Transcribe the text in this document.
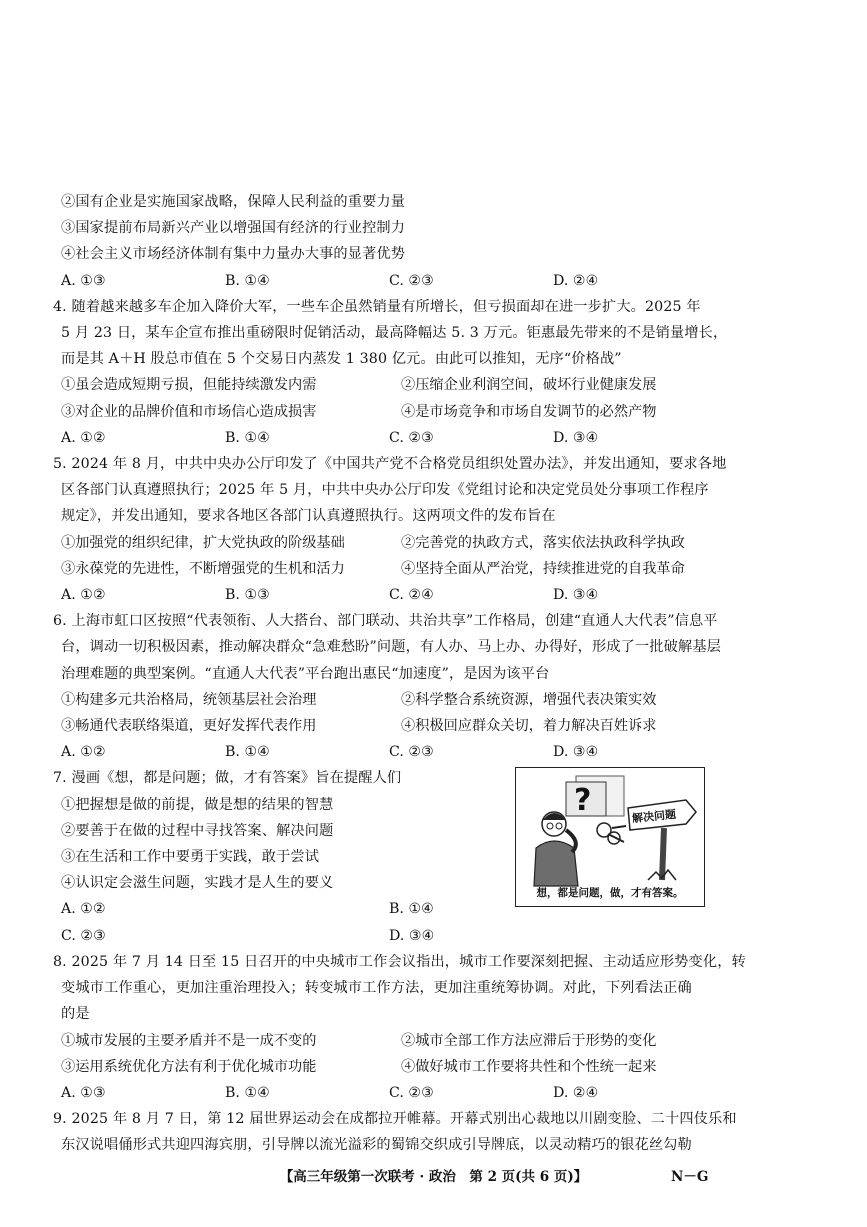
②国有企业是实施国家战略，保障人民利益的重要力量
③国家提前布局新兴产业以增强国有经济的行业控制力
④社会主义市场经济体制有集中力量办大事的显著优势
A. ①③	B. ①④	C. ②③	D. ②④
4. 随着越来越多车企加入降价大军，一些车企虽然销量有所增长，但亏损面却在进一步扩大。2025 年
5 月 23 日，某车企宣布推出重磅限时促销活动，最高降幅达 5. 3 万元。钜惠最先带来的不是销量增长，
而是其 A＋H 股总市值在 5 个交易日内蒸发 1 380 亿元。由此可以推知，无序“价格战”
①虽会造成短期亏损，但能持续激发内需	②压缩企业利润空间，破坏行业健康发展
③对企业的品牌价值和市场信心造成损害	④是市场竞争和市场自发调节的必然产物
A. ①②	B. ①④	C. ②③	D. ③④
5. 2024 年 8 月，中共中央办公厅印发了《中国共产党不合格党员组织处置办法》，并发出通知，要求各地
区各部门认真遵照执行；2025 年 5 月，中共中央办公厅印发《党组讨论和决定党员处分事项工作程序
规定》，并发出通知，要求各地区各部门认真遵照执行。这两项文件的发布旨在
①加强党的组织纪律，扩大党执政的阶级基础	②完善党的执政方式，落实依法执政科学执政
③永葆党的先进性，不断增强党的生机和活力	④坚持全面从严治党，持续推进党的自我革命
A. ①②	B. ①③	C. ②④	D. ③④
6. 上海市虹口区按照“代表领衔、人大搭台、部门联动、共治共享”工作格局，创建“直通人大代表”信息平
台，调动一切积极因素，推动解决群众“急难愁盼”问题，有人办、马上办、办得好，形成了一批破解基层
治理难题的典型案例。“直通人大代表”平台跑出惠民“加速度”，是因为该平台
①构建多元共治格局，统领基层社会治理	②科学整合系统资源，增强代表决策实效
③畅通代表联络渠道，更好发挥代表作用	④积极回应群众关切，着力解决百姓诉求
A. ①②	B. ①④	C. ②③	D. ③④
7. 漫画《想，都是问题；做，才有答案》旨在提醒人们
①把握想是做的前提，做是想的结果的智慧
②要善于在做的过程中寻找答案、解决问题
③在生活和工作中要勇于实践，敢于尝试
④认识定会滋生问题，实践才是人生的要义
A. ①②	B. ①④
C. ②③	D. ③④
?	解决问题
想，都是问题，做，才有答案。
8. 2025 年 7 月 14 日至 15 日召开的中央城市工作会议指出，城市工作要深刻把握、主动适应形势变化，转
变城市工作重心，更加注重治理投入；转变城市工作方法，更加注重统筹协调。对此，下列看法正确
的是
①城市发展的主要矛盾并不是一成不变的	②城市全部工作方法应滞后于形势的变化
③运用系统优化方法有利于优化城市功能	④做好城市工作要将共性和个性统一起来
A. ①③	B. ①④	C. ②③	D. ②④
9. 2025 年 8 月 7 日，第 12 届世界运动会在成都拉开帷幕。开幕式别出心裁地以川剧变脸、二十四伎乐和
东汉说唱俑形式共迎四海宾朋，引导牌以流光溢彩的蜀锦交织成引导牌底，以灵动精巧的银花丝勾勒
【高三年级第一次联考 · 政治　第 2 页(共 6 页)】	N－G
